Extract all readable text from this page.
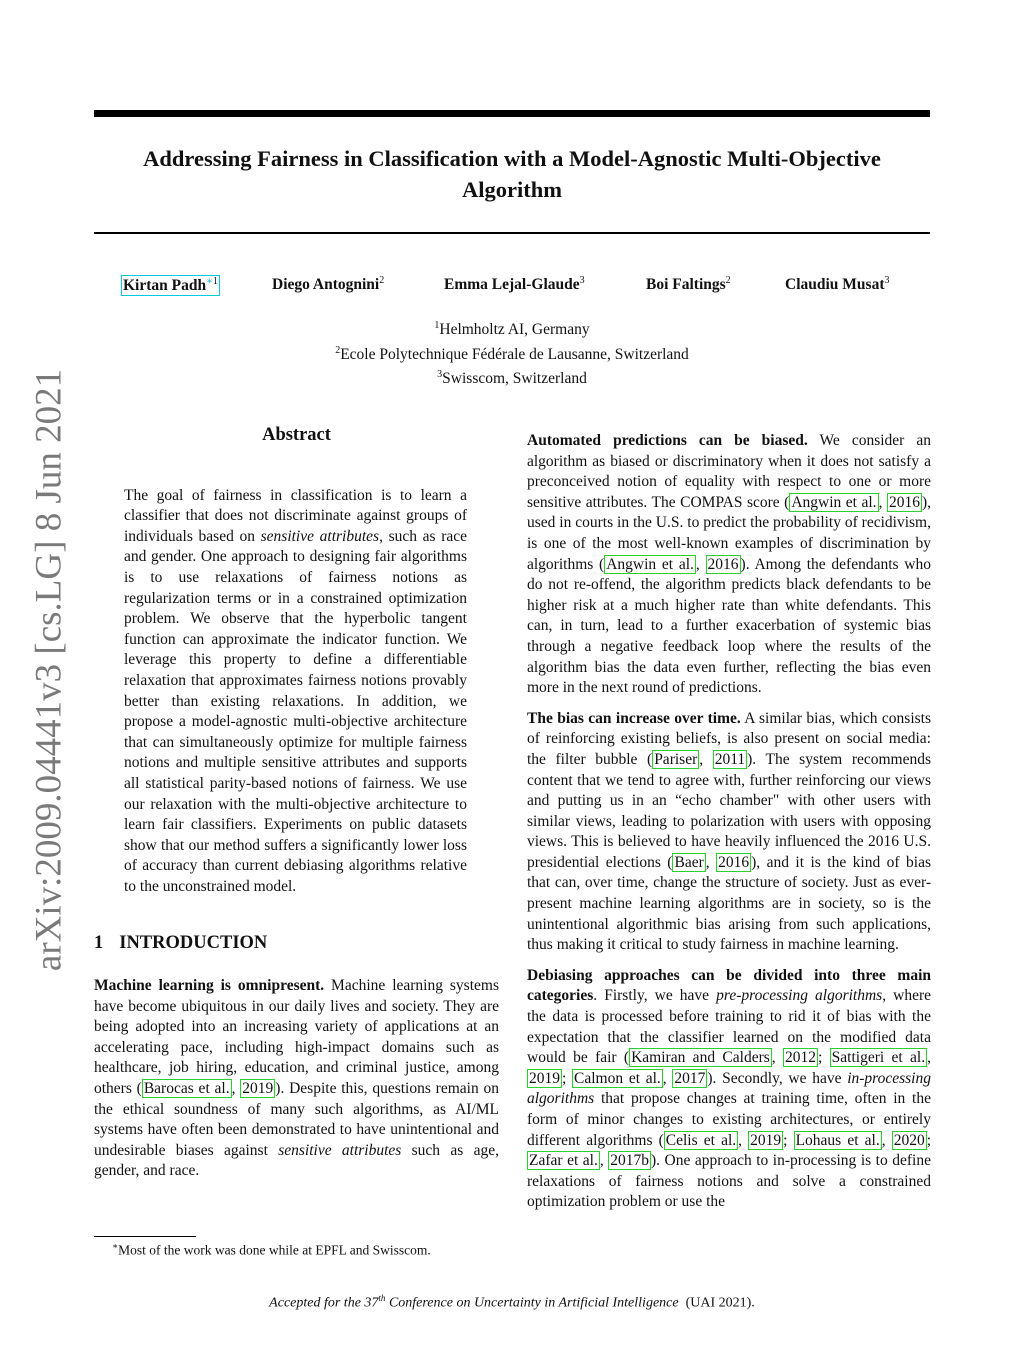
arXiv:2009.04441v3 [cs.LG] 8 Jun 2021
Addressing Fairness in Classification with a Model-Agnostic Multi-Objective
Algorithm
Kirtan Padh$^{∗1}$	Diego Antognini$^2$	Emma Lejal-Glaude$^3$	Boi Faltings$^2$	Claudiu Musat$^3$
$^1$Helmholtz AI, Germany
$^2$Ecole Polytechnique Fédérale de Lausanne, Switzerland
$^3$Swisscom, Switzerland
Abstract
The goal of fairness in classification is to learn a classifier that does not discriminate against groups of individuals based on sensitive attributes, such as race and gender. One approach to designing fair algorithms is to use relaxations of fairness notions as regularization terms or in a constrained optimization problem. We observe that the hyperbolic tangent function can approximate the indicator function. We leverage this property to define a differentiable relaxation that approximates fairness notions provably better than existing relaxations. In addition, we propose a model-agnostic multi-objective architecture that can simultaneously optimize for multiple fairness notions and multiple sensitive attributes and supports all statistical parity-based notions of fairness. We use our relaxation with the multi-objective architecture to learn fair classifiers. Experiments on public datasets show that our method suffers a significantly lower loss of accuracy than current debiasing algorithms relative to the unconstrained model.
1 INTRODUCTION

Machine learning is omnipresent. Machine learning systems have become ubiquitous in our daily lives and society. They are being adopted into an increasing variety of applications at an accelerating pace, including high-impact domains such as healthcare, job hiring, education, and criminal justice, among others ( Barocas et al. , 2019 ). Despite this, questions remain on the ethical soundness of many such algorithms, as AI/ML systems have often been demonstrated to have unintentional and undesirable biases against sensitive attributes such as age, gender, and race.

Automated predictions can be biased. We consider an algorithm as biased or discriminatory when it does not satisfy a preconceived notion of equality with respect to one or more sensitive attributes. The COMPAS score ( Angwin et al. , 2016 ), used in courts in the U.S. to predict the probability of recidivism, is one of the most well-known examples of discrimination by algorithms ( Angwin et al. , 2016 ). Among the defendants who do not re-offend, the algorithm predicts black defendants to be higher risk at a much higher rate than white defendants. This can, in turn, lead to a further exacerbation of systemic bias through a negative feedback loop where the results of the algorithm bias the data even further, reflecting the bias even more in the next round of predictions.

The bias can increase over time. A similar bias, which consists of reinforcing existing beliefs, is also present on social media: the filter bubble ( Pariser , 2011 ). The system recommends content that we tend to agree with, further reinforcing our views and putting us in an “echo chamber" with other users with similar views, leading to polarization with users with opposing views. This is believed to have heavily influenced the 2016 U.S. presidential elections ( Baer , 2016 ), and it is the kind of bias that can, over time, change the structure of society. Just as ever-present machine learning algorithms are in society, so is the unintentional algorithmic bias arising from such applications, thus making it critical to study fairness in machine learning.

Debiasing approaches can be divided into three main categories. Firstly, we have pre-processing algorithms, where the data is processed before training to rid it of bias with the expectation that the classifier learned on the modified data would be fair ( Kamiran and Calders , 2012 ; Sattigeri et al. , 2019 ; Calmon et al. , 2017 ). Secondly, we have in-processing algorithms that propose changes at training time, often in the form of minor changes to existing architectures, or entirely different algorithms ( Celis et al. , 2019 ; Lohaus et al. , 2020 ; Zafar et al. , 2017b ). One approach to in-processing is to define relaxations of fairness notions and solve a constrained optimization problem or use the

∗Most of the work was done while at EPFL and Swisscom.
Accepted for the 37th Conference on Uncertainty in Artificial Intelligence (UAI 2021).
